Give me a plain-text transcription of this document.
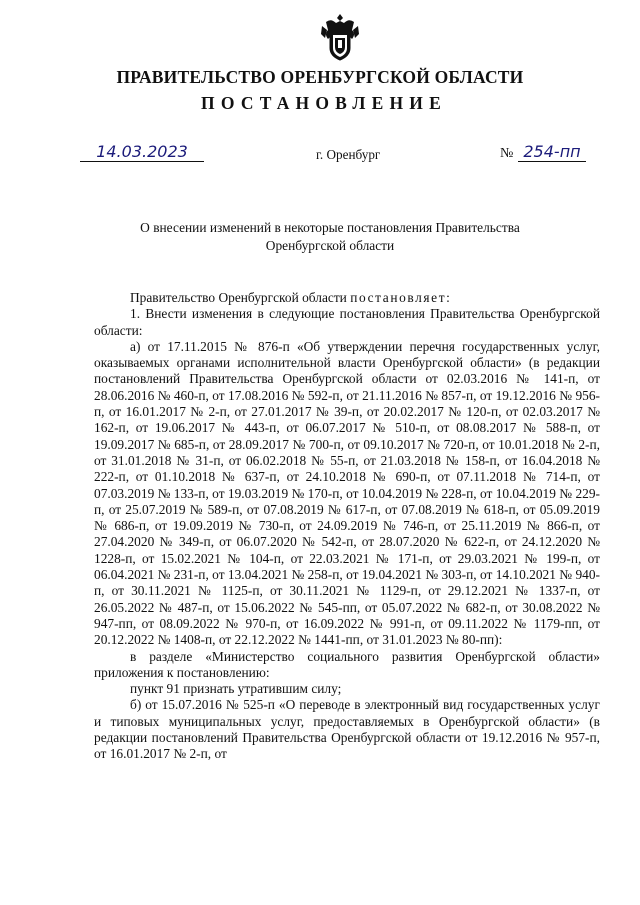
ПРАВИТЕЛЬСТВО ОРЕНБУРГСКОЙ ОБЛАСТИ
ПОСТАНОВЛЕНИЕ
14.03.2023	г. Оренбург	№ 254-пп
О внесении изменений в некоторые постановления Правительства
Оренбургской области

Правительство Оренбургской области постановляет:

1. Внести изменения в следующие постановления Правительства Оренбургской области:

а) от 17.11.2015 № 876-п «Об утверждении перечня государственных услуг, оказываемых органами исполнительной власти Оренбургской области» (в редакции постановлений Правительства Оренбургской области от 02.03.2016 № 141-п, от 28.06.2016 № 460-п, от 17.08.2016 № 592-п, от 21.11.2016 № 857-п, от 19.12.2016 № 956-п, от 16.01.2017 № 2-п, от 27.01.2017 № 39-п, от 20.02.2017 № 120-п, от 02.03.2017 № 162-п, от 19.06.2017 № 443-п, от 06.07.2017 № 510-п, от 08.08.2017 № 588-п, от 19.09.2017 № 685-п, от 28.09.2017 № 700-п, от 09.10.2017 № 720-п, от 10.01.2018 № 2-п, от 31.01.2018 № 31-п, от 06.02.2018 № 55-п, от 21.03.2018 № 158-п, от 16.04.2018 № 222-п, от 01.10.2018 № 637-п, от 24.10.2018 № 690-п, от 07.11.2018 № 714-п, от 07.03.2019 № 133-п, от 19.03.2019 № 170-п, от 10.04.2019 № 228-п, от 10.04.2019 № 229-п, от 25.07.2019 № 589-п, от 07.08.2019 № 617-п, от 07.08.2019 № 618-п, от 05.09.2019 № 686-п, от 19.09.2019 № 730-п, от 24.09.2019 № 746-п, от 25.11.2019 № 866-п, от 27.04.2020 № 349-п, от 06.07.2020 № 542-п, от 28.07.2020 № 622-п, от 24.12.2020 № 1228-п, от 15.02.2021 № 104-п, от 22.03.2021 № 171-п, от 29.03.2021 № 199-п, от 06.04.2021 № 231-п, от 13.04.2021 № 258-п, от 19.04.2021 № 303-п, от 14.10.2021 № 940-п, от 30.11.2021 № 1125-п, от 30.11.2021 № 1129-п, от 29.12.2021 № 1337-п, от 26.05.2022 № 487-п, от 15.06.2022 № 545-пп, от 05.07.2022 № 682-п, от 30.08.2022 № 947-пп, от 08.09.2022 № 970-п, от 16.09.2022 № 991-п, от 09.11.2022 № 1179-пп, от 20.12.2022 № 1408-п, от 22.12.2022 № 1441-пп, от 31.01.2023 № 80-пп):

в разделе «Министерство социального развития Оренбургской области» приложения к постановлению:

пункт 91 признать утратившим силу;

б) от 15.07.2016 № 525-п «О переводе в электронный вид государственных услуг и типовых муниципальных услуг, предоставляемых в Оренбургской области» (в редакции постановлений Правительства Оренбургской области от 19.12.2016 № 957-п, от 16.01.2017 № 2-п, от
